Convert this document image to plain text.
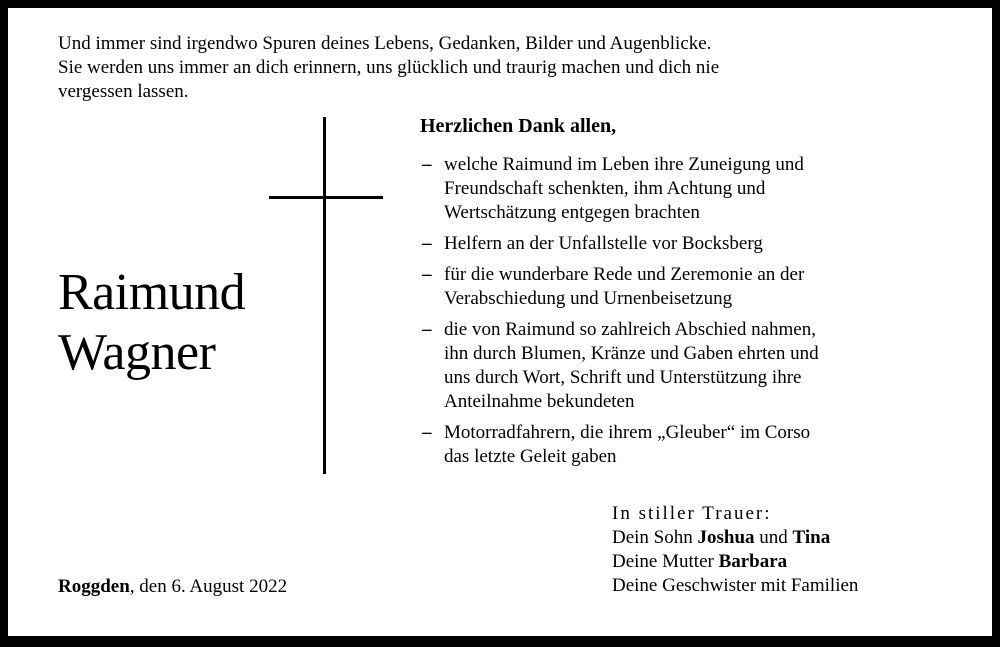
Und immer sind irgendwo Spuren deines Lebens, Gedanken, Bilder und Augenblicke.
Sie werden uns immer an dich erinnern, uns glücklich und traurig machen und dich nie
vergessen lassen.
Raimund
Wagner
Herzlichen Dank allen,
– welche Raimund im Leben ihre Zuneigung und
Freundschaft schenkten, ihm Achtung und
Wertschätzung entgegen brachten
– Helfern an der Unfallstelle vor Bocksberg
– für die wunderbare Rede und Zeremonie an der
Verabschiedung und Urnenbeisetzung
– die von Raimund so zahlreich Abschied nahmen,
ihn durch Blumen, Kränze und Gaben ehrten und
uns durch Wort, Schrift und Unterstützung ihre
Anteilnahme bekundeten
– Motorradfahrern, die ihrem „Gleuber“ im Corso
das letzte Geleit gaben
Roggden, den 6. August 2022
In stiller Trauer:
Dein Sohn Joshua und Tina
Deine Mutter Barbara
Deine Geschwister mit Familien
